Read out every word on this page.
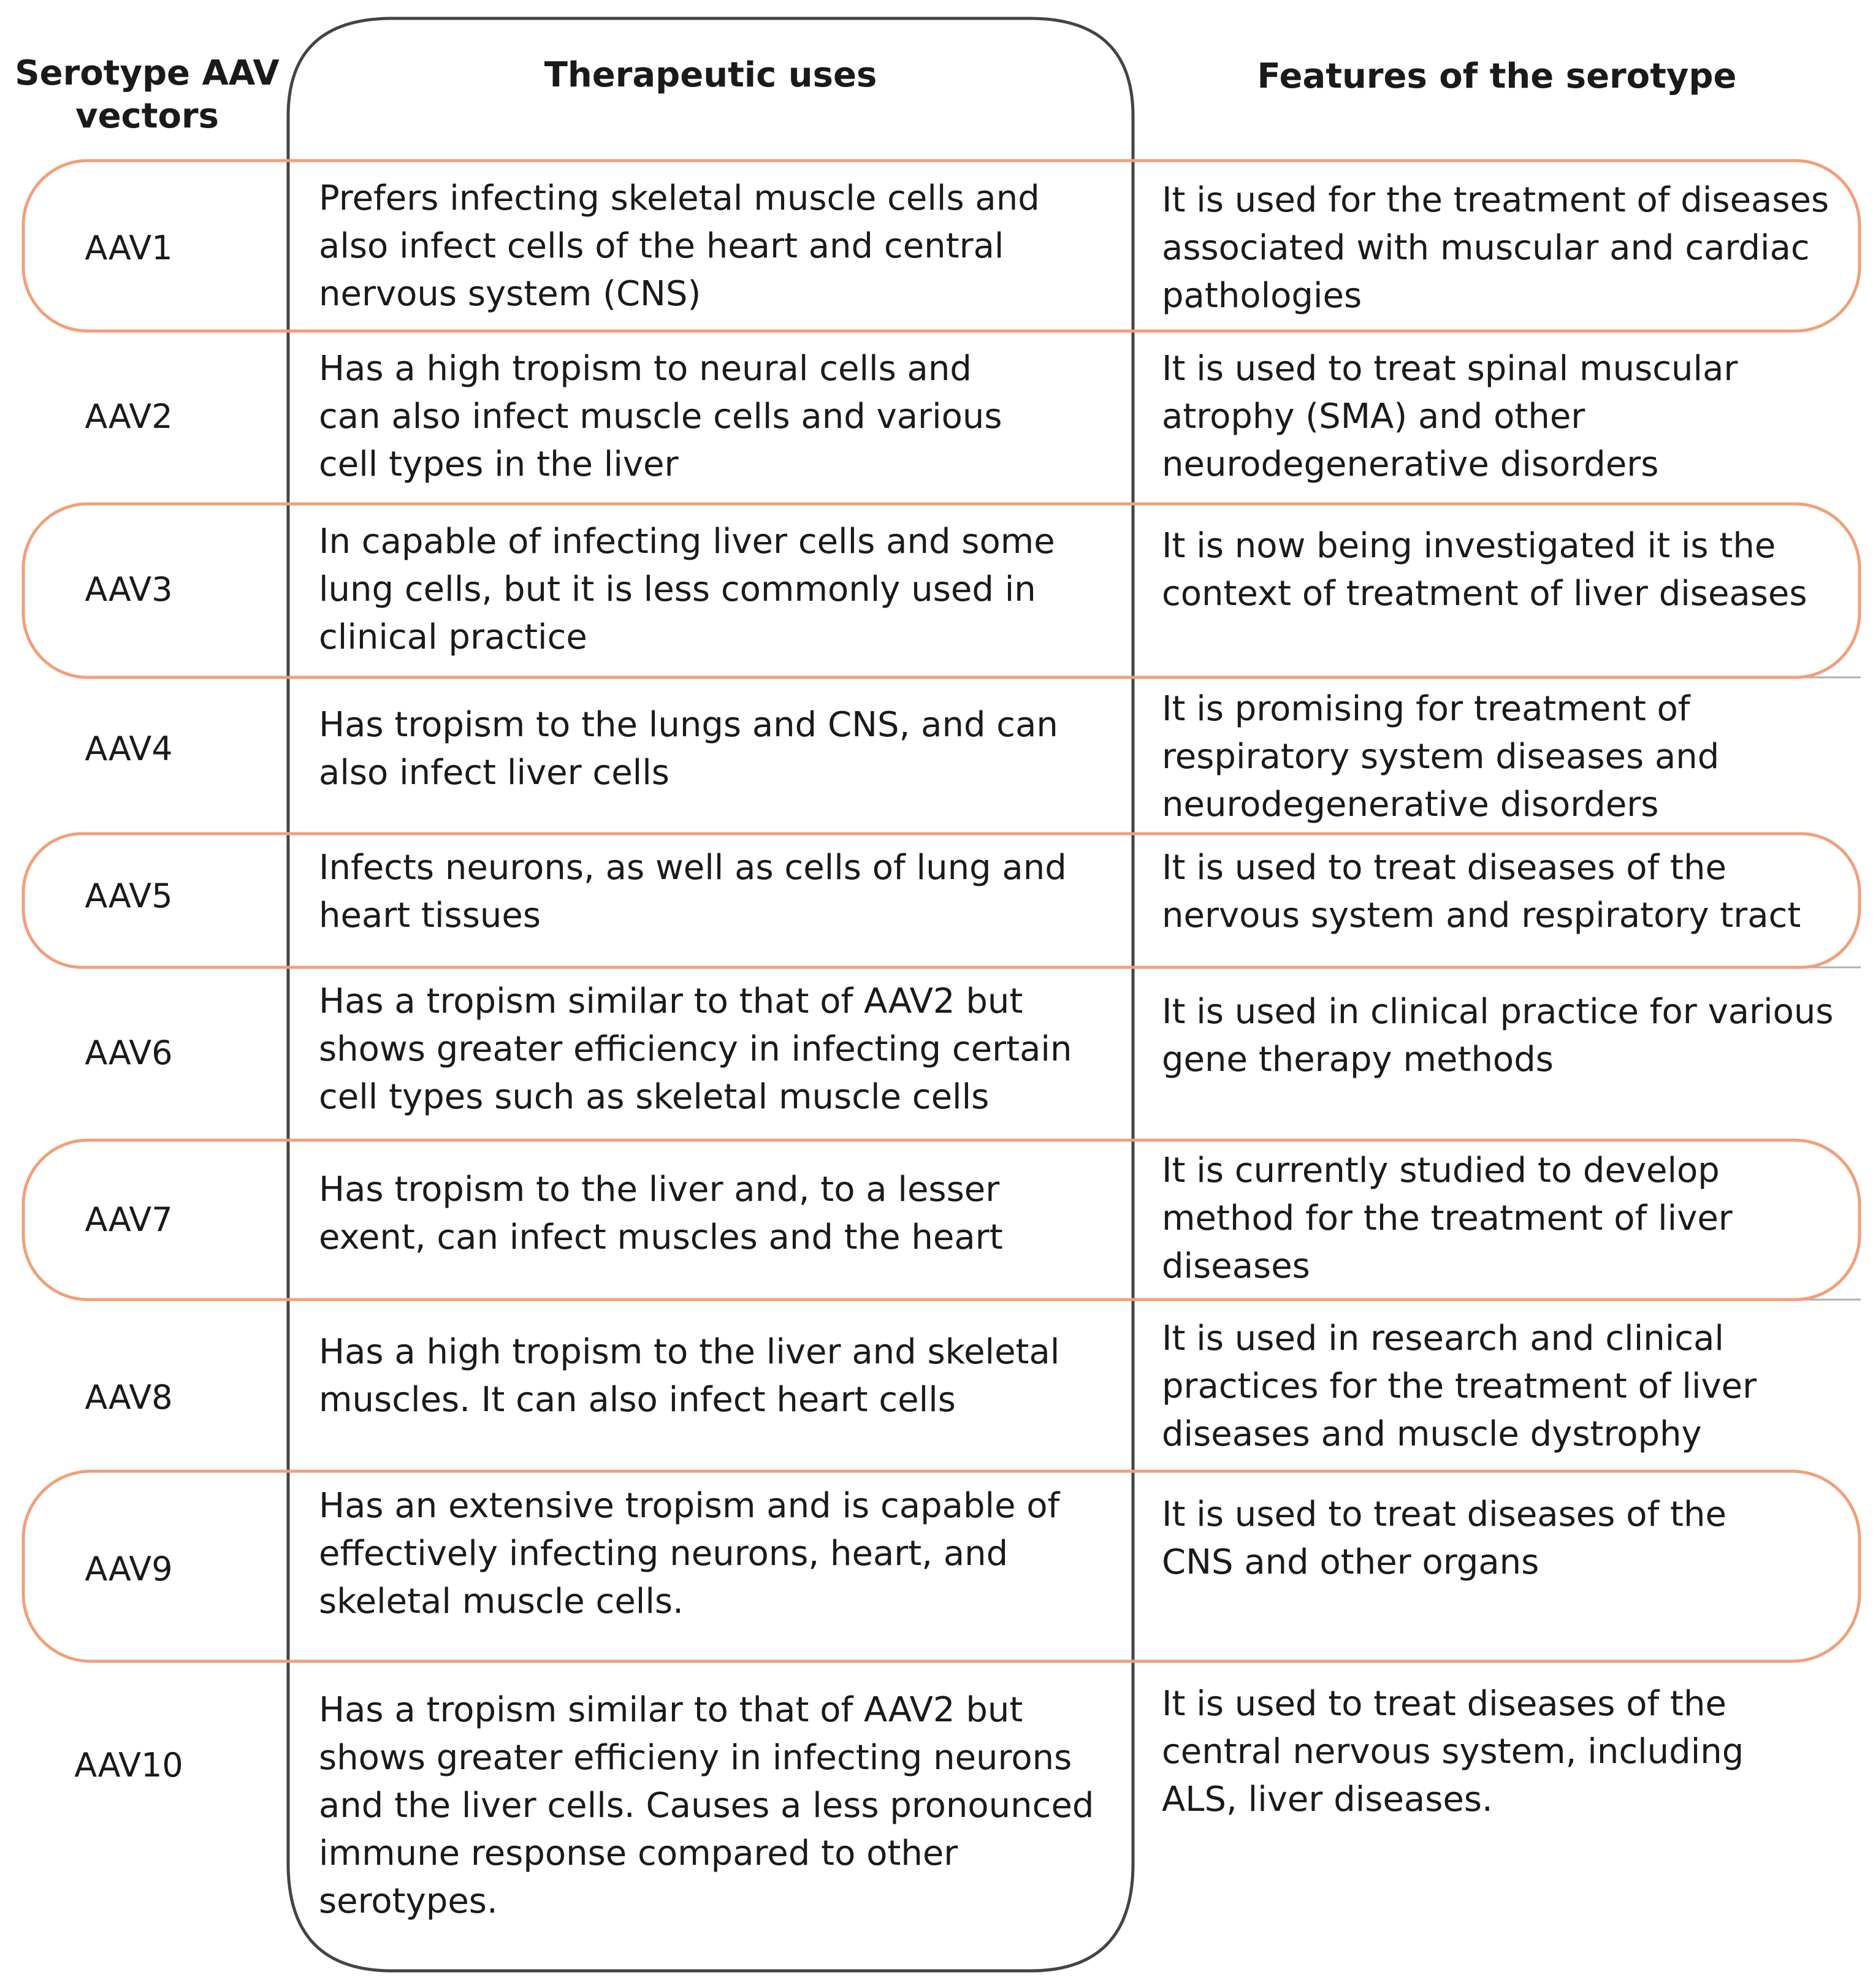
Serotype AAV
vectors
Therapeutic uses	Features of the serotype
AAV1
AAV2
AAV3
AAV4
AAV5
AAV6
AAV7
AAV8
AAV9
AAV10
Prefers infecting skeletal muscle cells and
also infect cells of the heart and central
nervous system (CNS)
Has a high tropism to neural cells and
can also infect muscle cells and various
cell types in the liver
In capable of infecting liver cells and some
lung cells, but it is less commonly used in
clinical practice
Has tropism to the lungs and CNS, and can
also infect liver cells
Infects neurons, as well as cells of lung and
heart tissues
Has a tropism similar to that of AAV2 but
shows greater efficiency in infecting certain
cell types such as skeletal muscle cells
Has tropism to the liver and, to a lesser
exent, can infect muscles and the heart
Has a high tropism to the liver and skeletal
muscles. It can also infect heart cells
Has an extensive tropism and is capable of
effectively infecting neurons, heart, and
skeletal muscle cells.
Has a tropism similar to that of AAV2 but
shows greater efficieny in infecting neurons
and the liver cells. Causes a less pronounced
immune response compared to other
serotypes.
It is used for the treatment of diseases
associated with muscular and cardiac
pathologies
It is used to treat spinal muscular
atrophy (SMA) and other
neurodegenerative disorders
It is now being investigated it is the
context of treatment of liver diseases
It is promising for treatment of
respiratory system diseases and
neurodegenerative disorders
It is used to treat diseases of the
nervous system and respiratory tract
It is used in clinical practice for various
gene therapy methods
It is currently studied to develop
method for the treatment of liver
diseases
It is used in research and clinical
practices for the treatment of liver
diseases and muscle dystrophy
It is used to treat diseases of the
CNS and other organs
It is used to treat diseases of the
central nervous system, including
ALS, liver diseases.
